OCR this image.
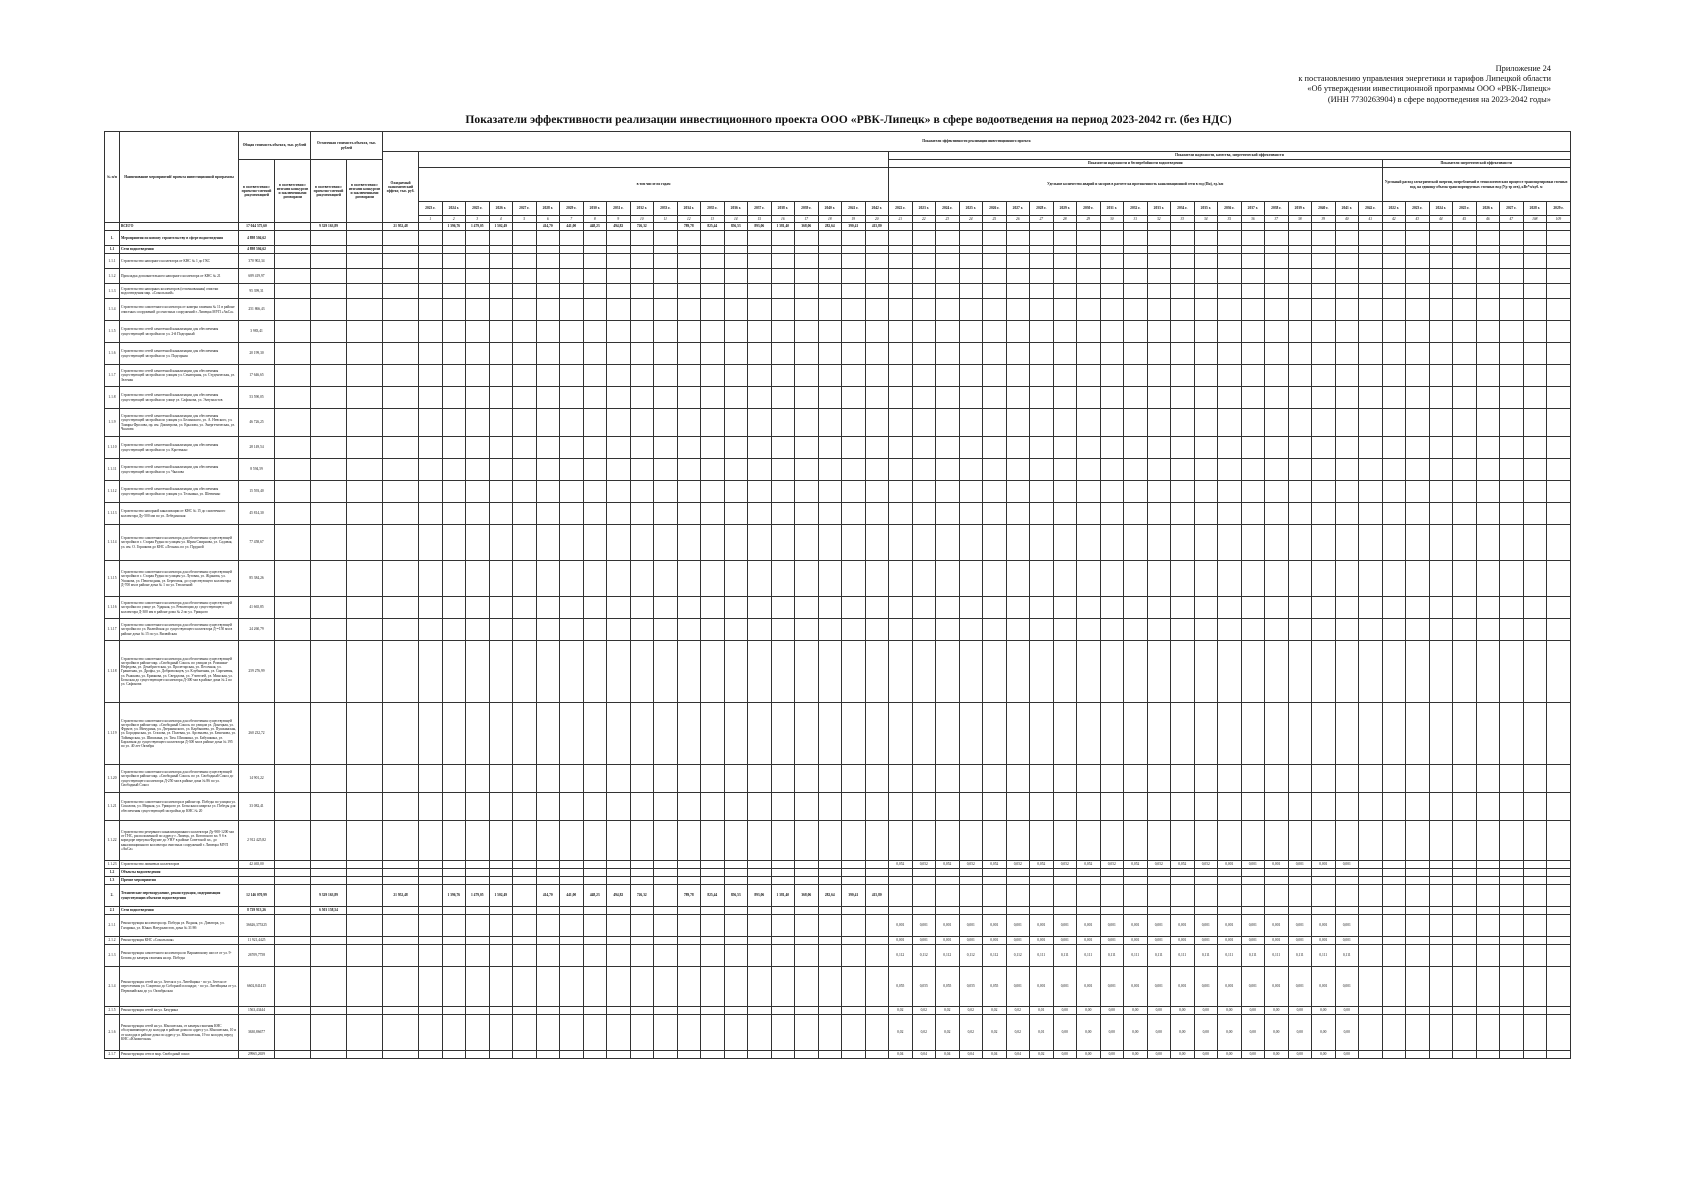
Приложение 24
к постановлению управления энергетики и тарифов Липецкой области
«Об утверждении инвестиционной программы ООО «РВК-Липецк»
(ИНН 7730263904) в сфере водоотведения на 2023-2042 годы»
Показатели эффективности реализации инвестиционного проекта ООО «РВК-Липецк» в сфере водоотведения на период 2023-2042 гг. (без НДС)
№ п/п	Наименование мероприятий/ проекта инвестиционной программы	Общая стоимость объекта, тыс. рублей		Остаточная стоимость объекта, тыс. рублей		Показатели эффективности реализации инвестиционного проекта																																																		
						Ожидаемый экономический эффект, тыс. руб.																					Показатели надежности, качества, энергетической эффективности																													
		в соответствии с проектно-сметной документацией	в соответствии с итогами конкурсов и заключенными договорами	в соответствии с проектно-сметной документацией	в соответствии с итогами конкурсов и заключенными договорами																						Показатели надежности и бесперебойности водоотведения																					Показатели энергетической эффективности								
							в том числе по годам																				Удельное количество аварий и засоров в расчете на протяженность канализационной сети в год (Пн), ед./км																					Удельный расход электрической энергии, потребляемой в технологическом процессе транспортировки сточных вод, на единицу объема транспортируемых сточных вод (Уp тр отв), кВт*ч/куб. м								
							2023 г.	2024 г.	2025 г.	2026 г.	2027 г.	2028 г.	2029 г.	2030 г.	2031 г.	2032 г.	2033 г.	2034 г.	2035 г.	2036 г.	2037 г.	2038 г.	2039 г.	2040 г.	2041 г.	2042 г.	2022 г.	2023 г.	2024 г.	2025 г.	2026 г.	2027 г.	2028 г.	2029 г.	2030 г.	2031 г.	2032 г.	2033 г.	2034 г.	2035 г.	2036 г.	2037 г.	2038 г.	2039 г.	2040 г.	2041 г.	2042 г.	2022 г.	2023 г.	2024 г.	2025 г.	2026 г.	2027 г.	2028 г.	2029 г.	
							1	2	3	4	5	6	7	8	9	10	11	12	13	14	15	16	17	18	19	20	21	22	23	24	25	26	27	28	29	30	31	32	33	34	35	36	37	38	39	40	41	42	43	44	45	46	47	108	109						
	ВСЕГО	17 044 575,60		9 329 163,89		21 952,48		1 396,76	1 479,05	1 502,49		414,70	441,00	448,23	494,82	726,32		789,78	825,44	856,53	893,06	1 381,40	368,06	282,64	390,41	415,80																														
1.	Мероприятия по новому строительству в сфере водоотведения	4 898 504,62																																																						
1.1	Сети водоотведения	4 898 504,62																																																						
1.1.1	Строительство напорного коллектора от КНС № 1 до ГКС	370 902,34																																																						
1.1.2	Прокладка дополнительного напорного коллектора от КНС № 21	689 419,97																																																						
1.1.3	Строительство напорных коллекторов (отпочкованная) очистки водоотведения мкр. «Сокольский»	95 399,31																																																						
1.1.4	Строительство самотечного коллектора от камеры гашения № 11 в районе очистных сооружений до очистных сооружений г. Липецка МУП «АкСа»	251 866,43																																																						
1.1.5	Строительство сетей самотечной канализации для обеспечения существующей застройки по ул. 2-й Подгорный	3 983,41																																																						
1.1.6	Строительство сетей самотечной канализации для обеспечения существующей застройки по ул. Подгорная	20 199,30																																																						
1.1.7	Строительство сетей самотечной канализации для обеспечения существующей застройки по улицам ул. Сенаторная, ул. Студенческая, ул. Зеленая	17 646,65																																																						
1.1.8	Строительство сетей самотечной канализации для обеспечения существующей застройки по улице ул. Сафонова, ул. Энтузиастов	53 590,05																																																						
1.1.9	Строительство сетей самотечной канализации для обеспечения существующей застройки по улицам ул. Белинского, ул. А. Невского, ул. Тамары Фролова, пр. им. Димитрова, ул. Крылова, ул. Энергетическая, ул. Чкалова	46 726,25																																																						
1.1.10	Строительство сетей самотечной канализации для обеспечения существующей застройки по ул. Кротенько	28 149,54																																																						
1.1.11	Строительство сетей самотечной канализации для обеспечения существующей застройки по ул. Чкалова	8 594,59																																																						
1.1.12	Строительство сетей самотечной канализации для обеспечения существующей застройки по улицам ул. Тельмана, ул. Шевченко	15 593,40																																																						
1.1.13	Строительство напорной канализации от КНС № 15 до самотечного коллектора Ду-500 мм по ул. Лебединская	45 814,30																																																						
1.1.14	Строительство самотечного коллектора для обеспечения существующей застройки в с. Старая Рудня по улицам ул. Юрия Смирнова, ул. Садовая, ул. им. О. Горшкова до КНС «Лесная» по ул. Прудной	77 458,67																																																						
1.1.15	Строительство самотечного коллектора для обеспечения существующей застройки в с. Старая Рудня по улицам ул. Луговая, ул. Жданова, ул. Ушакова, ул. Пешеходная, ул. Береговая, до существующего коллектора Д-700 мм в районе дома № 1 по ул. Тепличной	85 384,26																																																						
1.1.16	Строительство самотечного коллектора для обеспечения существующей застройки по улице ул. Ударная, ул. Революции до существующего коллектора Д-300 мм в районе дома № 2 по ул. Урицкого	41 665,85																																																						
1.1.17	Строительство самотечного коллектора для обеспечения существующей застройки по ул. Вилюйская до существующего коллектора Д-=150 мм в районе дома № 15 по ул. Вилюйская	24 260,79																																																						
1.1.18	Строительство самотечного коллектора для обеспечения существующей застройки в районе мкр. «Свободный Сокол» по улицам ул. Ромашки-Нефедова, ул. Декабристская, ул. Пролетарская, ул. Песочная, ул. Гранитная, ул. Дрофы, ул. Добровольцев, ул. Клубничная, ул. Сиреневая, ул. Рыжкова, ул. Ермакова, ул. Свердлова, ул. Учителей, ул. Минская, ул. Бельская до существующего коллектора Д-300 мм в районе дома № 2 по ул. Сафонова	259 276,99																																																						
1.1.19	Строительство самотечного коллектора для обеспечения существующей застройки в районе мкр. «Свободный Сокол» по улицам ул. Донецкая, ул. Фрунзе, ул. Мичурина, ул. Дзержинского, ул. Карбышева, ул. Пушкинская, ул. Бородинская, ул. Стахова, ул. Полевая, ул. Арсеньева, ул. Бешенова, ул. Таймырская, ул. Шишкина, ул. Тим. Шишкина, ул. Бабушкина, ул. Бархатная до существующего коллектора Д-300 мм в районе дома № 195 по ул. 40 лет Октября	260 232,72																																																						
1.1.20	Строительство самотечного коллектора для обеспечения существующей застройки в районе мкр. «Свободный Сокол» по ул. Свободный Сокол до существующего коллектора Д-250 мм в районе дома № 86 по ул. Свободный Сокол	14 901,22																																																						
1.1.21	Строительство самотечного коллектора в районе пр. Победы по улицам ул. Соколова, ул. Мирная, ул. Урицкого ул. Бельская и квартал ул. Победы для обеспечения существующей застройки до КНС № 20	33 082,41																																																						
1.1.22	Строительство резервного канализационного коллектора Ду-900-1200 мм от ГНС, расположенной по адресу г. Липецк, ул. Котовского вл. 9 б в коридоре переулка Фрунзе до УНУ в районе Советской пл., до канализационного коллектора очистных сооружений г. Липецка МУП «АкСа»	2 912 425,82																																																						
1.1.23	Строительство ливневых коллекторов	42 465,00																									0,052	0,052	0,052	0,052	0,052	0,052	0,052	0,052	0,052	0,052	0,052	0,052	0,052	0,052	0,001	0,001	0,001	0,001	0,001	0,001										
1.2	Объекты водоотведения																																																							
1.3	Прочие мероприятия																																																							
2.	Технические перевооружение, реконструкция, модернизация существующих объектов водоотведения	12 146 070,99		9 329 163,89		21 952,48		1 396,76	1 479,05	1 502,49		414,70	441,00	448,23	494,82	726,32		789,78	825,44	856,53	893,06	1 381,40	368,06	282,64	390,41	415,80																														
2.1	Сети водоотведения	8 729 913,26		6 503 158,54																																																				
2.1.1	Реконструкция коллектора пр. Победы ул. Водная, ул. Доватора, ул. Гагарина, ул. Юных Натуралистов, дома № 31/8б	36626,375325																									0,001	0,001	0,001	0,001	0,001	0,001	0,001	0,001	0,001	0,001	0,001	0,001	0,001	0,001	0,001	0,001	0,001	0,001	0,001	0,001										
2.1.2	Реконструкция КНС «Сокольская»	11 921,4425																									0,001	0,001	0,001	0,001	0,001	0,001	0,001	0,001	0,001	0,001	0,001	0,001	0,001	0,001	0,001	0,001	0,001	0,001	0,001	0,001										
2.1.3	Реконструкция самотечного коллектора по Варшавскому шоссе от ул. 9-Белова до камеры гашения на пр. Победы	26709,7758																									0,112	0,112	0,112	0,112	0,112	0,112	0,111	0,111	0,111	0,111	0,111	0,111	0,111	0,111	0,111	0,111	0,111	0,111	0,111	0,111										
2.1.4	Реконструкция сетей на ул. Зегеля и ул. Литейщика - по ул. Зегеля от пересечения ул. Соцвеоко до Соборной площади; - по ул. Литейщика от ул. Первомайская до ул. Октябрьская	6602,841415																									0,055	0,055	0,055	0,055	0,055	0,001	0,001	0,001	0,001	0,001	0,001	0,001	0,001	0,001	0,001	0,001	0,001	0,001	0,001	0,001										
2.1.5	Реконструкция сетей на ул. Бачурина	1563,43444																									0,02	0,02	0,02	0,02	0,02	0,02	0,01	0,00	0,00	0,00	0,00	0,00	0,00	0,00	0,00	0,00	0,00	0,00	0,00	0,00										
2.1.6	Реконструкция сетей на ул. Юношеская, от камеры гашения КНС обслуживающего до колодца в районе дома по адресу ул. Юношеская, 10 и от колодца в районе дома по адресу ул. Юношеская, 19 по колодец перед КНС «Юношеская»	3630,86677																									0,02	0,02	0,02	0,02	0,02	0,02	0,01	0,00	0,00	0,00	0,00	0,00	0,00	0,00	0,00	0,00	0,00	0,00	0,00	0,00										
2.1.7	Реконструкция сети в мкр. Свободный сокол	29965,2659																									0,04	0,04	0,04	0,04	0,04	0,04	0,02	0,00	0,00	0,00	0,00	0,00	0,00	0,00	0,00	0,00	0,00	0,00	0,00	0,00										
